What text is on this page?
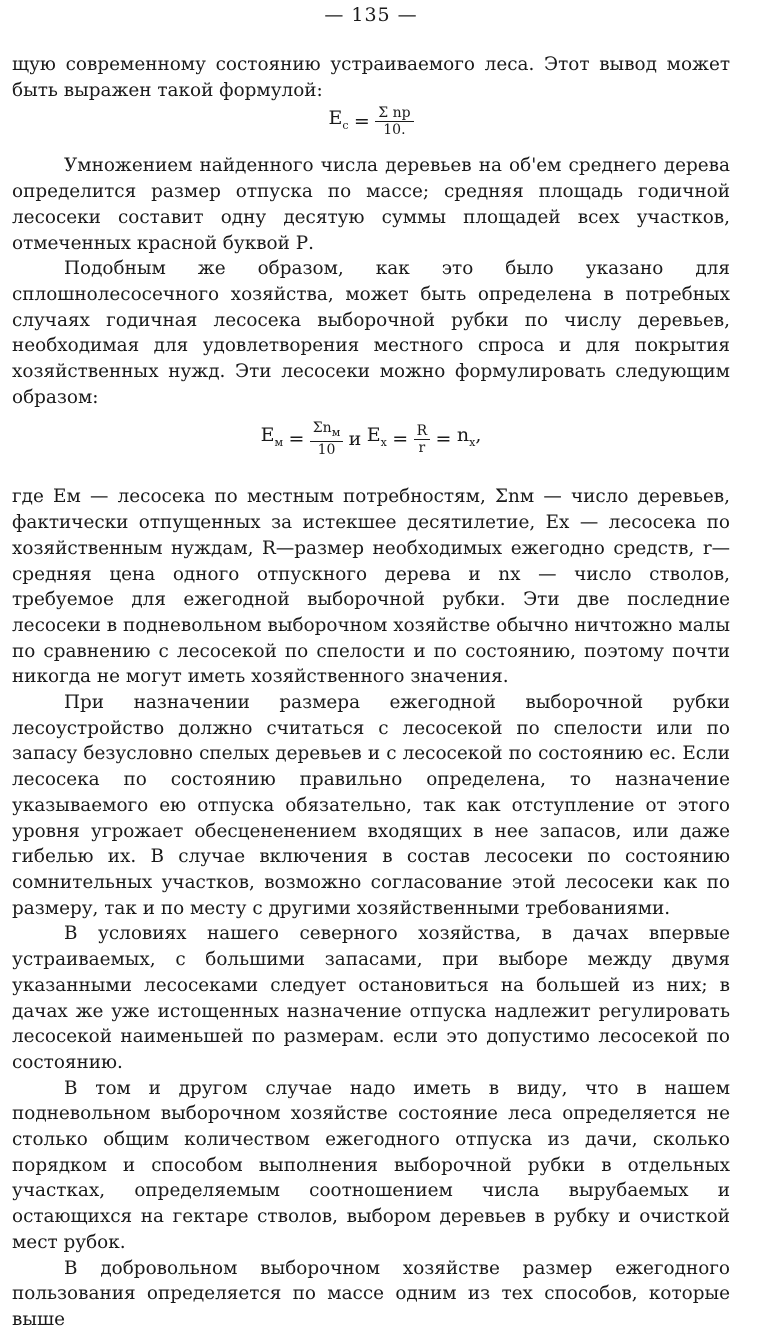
— 135 —

щую современному состоянию устраиваемого леса. Этот вывод может быть выражен такой формулой:

$E_c = \frac{\text{Σ np}}{10.}$

Умножением найденного числа деревьев на об'ем среднего дерева определится размер отпуска по массе; средняя площадь годичной лесосеки составит одну десятую суммы площадей всех участков, отмеченных красной буквой Р.

Подобным же образом, как это было указано для сплошнолесосечного хозяйства, может быть определена в потребных случаях годичная лесосека выборочной рубки по числу деревьев, необходимая для удовлетворения местного спроса и для покрытия хозяйственных нужд. Эти лесосеки можно формулировать следующим образом:

$E_м = \frac{\Sigma n_м}{10}$ и $E_x = \frac{R}{r} = n_x$,

где Eм — лесосека по местным потребностям, Σnм — число деревьев, фактически отпущенных за истекшее десятилетие, Eх — лесосека по хозяйственным нуждам, R—размер необходимых ежегодно средств, r—средняя цена одного отпускного дерева и nх — число стволов, требуемое для ежегодной выборочной рубки. Эти две последние лесосеки в подневольном выборочном хозяйстве обычно ничтожно малы по сравнению с лесосекой по спелости и по состоянию, поэтому почти никогда не могут иметь хозяйственного значения.

При назначении размера ежегодной выборочной рубки лесоустройство должно считаться с лесосекой по спелости или по запасу безусловно спелых деревьев и с лесосекой по состоянию ec. Если лесосека по состоянию правильно определена, то назначение указываемого ею отпуска обязательно, так как отступление от этого уровня угрожает обесцененением входящих в нее запасов, или даже гибелью их. В случае включения в состав лесосеки по состоянию сомнительных участков, возможно согласование этой лесосеки как по размеру, так и по месту с другими хозяйственными требованиями.

В условиях нашего северного хозяйства, в дачах впервые устраиваемых, с большими запасами, при выборе между двумя указанными лесосеками следует остановиться на большей из них; в дачах же уже истощенных назначение отпуска надлежит регулировать лесосекой наименьшей по размерам. если это допустимо лесосекой по состоянию.

В том и другом случае надо иметь в виду, что в нашем подневольном выборочном хозяйстве состояние леса определяется не столько общим количеством ежегодного отпуска из дачи, сколько порядком и способом выполнения выборочной рубки в отдельных участках, определяемым соотношением числа вырубаемых и остающихся на гектаре стволов, выбором деревьев в рубку и очисткой мест рубок.

В добровольном выборочном хозяйстве размер ежегодного пользования определяется по массе одним из тех способов, которые выше
